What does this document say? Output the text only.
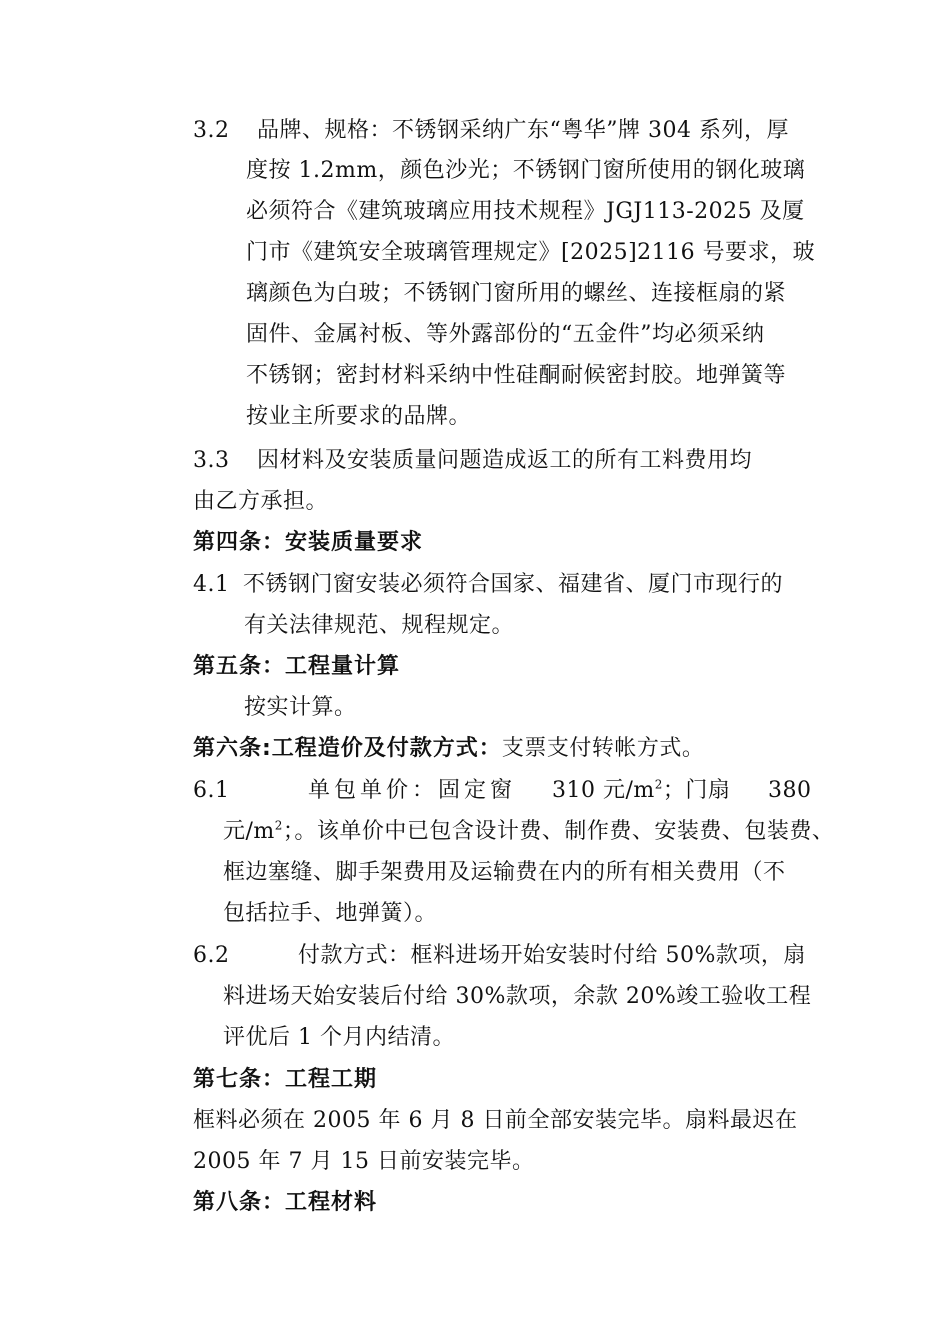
3.2 品牌、规格：不锈钢采纳广东“粤华”牌 304 系列，厚
度按 1.2mm，颜色沙光；不锈钢门窗所使用的钢化玻璃
必须符合《建筑玻璃应用技术规程》JGJ113-2025 及厦
门市《建筑安全玻璃管理规定》[2025]2116 号要求，玻
璃颜色为白玻；不锈钢门窗所用的螺丝、连接框扇的紧
固件、金属衬板、等外露部份的“五金件”均必须采纳
不锈钢；密封材料采纳中性硅酮耐候密封胶。地弹簧等
按业主所要求的品牌。
3.3 因材料及安装质量问题造成返工的所有工料费用均
由乙方承担。
第四条：安装质量要求
4.1 不锈钢门窗安装必须符合国家、福建省、厦门市现行的
有关法律规范、规程规定。
第五条：工程量计算
按实计算。
第六条:工程造价及付款方式：支票支付转帐方式。
6.1	单包单价：固定窗 310 元$/m^2$；门扇 380
元$/m^2$；。该单价中已包含设计费、制作费、安装费、包装费、
框边塞缝、脚手架费用及运输费在内的所有相关费用（不
包括拉手、地弹簧）。
6.2	付款方式：框料进场开始安装时付给 50%款项，扇
料进场天始安装后付给 30%款项，余款 20%竣工验收工程
评优后 1 个月内结清。
第七条：工程工期
框料必须在 2005 年 6 月 8 日前全部安装完毕。扇料最迟在
2005 年 7 月 15 日前安装完毕。
第八条：工程材料
